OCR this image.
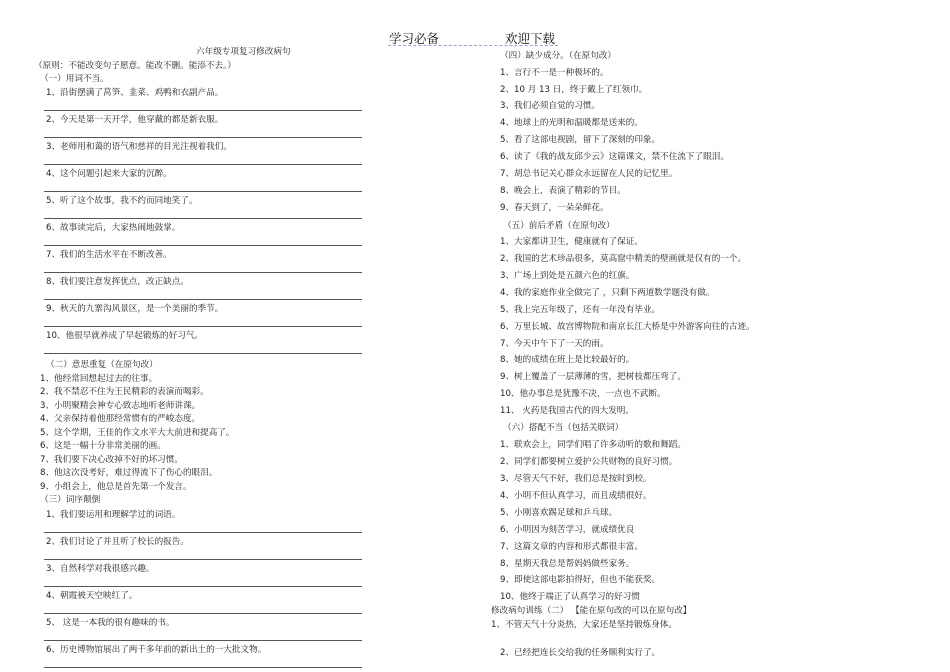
学习必备	欢迎下载
六年级专项复习修改病句
（原则：不能改变句子愿意。能改不删。能添不去。）
（一）用词不当。
1、沿街摆满了莴笋、韭菜、鸡鸭和衣副产品。
2、今天是第一天开学，他穿戴的都是新衣服。
3、老师用和蔼的语气和慈祥的目光注视着我们。
4、这个问题引起来大家的沉醉。
5、听了这个故事，我不约而同地笑了。
6、故事读完后，大家热闹地鼓掌。
7、我们的生活水平在不断改善。
8、我们要注意发挥优点，改正缺点。
9、秋天的九寨沟风景区，是一个美丽的季节。
10、他很早就养成了早起锻炼的好习气。
（二）意思重复（在原句改）
1、他经常回想起过去的往事。
2、我不禁忍不住为王民精彩的表演而喝彩。
3、小明聚精会神专心致志地听老师讲课。
4、父亲保持着他那经常惯有的严峻态度。
5、这个学期，王佳的作文水平大大前进和提高了。
6、这是一幅十分非常美丽的画。
7、我们要下决心改掉不好的坏习惯。
8、他这次没考好，难过得流下了伤心的眼泪。
9、小组会上，他总是首先第一个发言。
（三）词序颠倒
1、我们要运用和理解学过的词语。
2、我们讨论了并且听了校长的报告。
3、自然科学对我很感兴趣。
4、朝霞被天空映红了。
5、 这是一本我的很有趣味的书。
6、历史博物馆展出了两千多年前的新出土的一大批文物。
（四）缺少成分。（在原句改）
1、言行不一是一种极坏的。
2、10 月 13 日，终于戴上了红领巾。
3、我们必须自觉的习惯。
4、地球上的光明和温暖都是送来的。
5、看了这部电视剧，留下了深刻的印象。
6、读了《我的战友邱少云》这篇课文，禁不住流下了眼泪。
7、胡总书记关心群众永远留在人民的记忆里。
8、晚会上，表演了精彩的节目。
9、春天到了，一朵朵鲜花。
（五）前后矛盾（在原句改）
1、大家都讲卫生，健康就有了保证。
2、我国的艺术珍品很多，莫高窟中精美的壁画就是仅有的一个。
3、广场上到处是五颜六色的红旗。
4、我的家庭作业全做完了 ，只剩下两道数学题没有做。
5、我上完五年级了，还有一年没有毕业。
6、万里长城、故宫博物院和南京长江大桥是中外游客向往的古迹。
7、今天中午下了一天的雨。
8、她的成绩在班上是比较最好的。
9、树上覆盖了一层薄薄的雪，把树枝都压弯了。
10、他办事总是犹豫不决，一点也不武断。
11、 火药是我国古代的四大发明。
（六）搭配不当（包括关联词）
1、联欢会上，同学们唱了许多动听的歌和舞蹈。
2、同学们都要树立爱护公共财物的良好习惯。
3、尽管天气不好，我们总是按时到校。
4、小明不但认真学习，而且成绩很好。
5、小刚喜欢踢足球和乒乓球。
6、小明因为刻苦学习，就成绩优良
7、这篇文章的内容和形式都很丰富。
8、星期天我总是帮妈妈做些家务。
9、即使这部电影拍得好，但也不能获奖。
10、他终于端正了认真学习的好习惯
修改病句训练（二） 【能在原句改的可以在原句改】
1、不管天气十分炎热，大家还是坚持锻炼身体。
2、已经把连长交给我的任务顺利实行了。
